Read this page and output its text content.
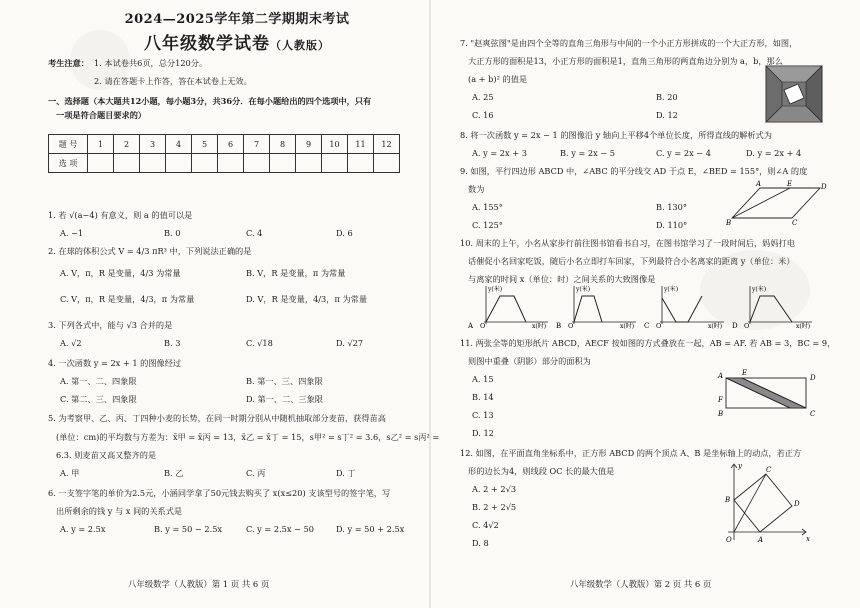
2024—2025学年第二学期期末考试
八年级数学试卷（人教版）
考生注意： 1. 本试卷共6页，总分120分。
2. 请在答题卡上作答，答在本试卷上无效。
一、选择题（本大题共12小题，每小题3分，共36分．在每小题给出的四个选项中，只有
一项是符合题目要求的）
题 号	1	2	3	4	5	6	7	8	9	10	11	12
选 项												
1. 若 √(a−4) 有意义，则 a 的值可以是
A. −1	B. 0	C. 4	D. 6
2. 在球的体积公式 V = 4/3 πR³ 中，下列说法正确的是
A. V，π，R 是变量，4/3 为常量	B. V，R 是变量，π 为常量
C. V，π，R 是变量，4/3，π 为常量	D. V，R 是变量，4/3，π 为常量
3. 下列各式中，能与 √3 合并的是
A. √2	B. 3	C. √18	D. √27
4. 一次函数 y = 2x + 1 的图像经过
A. 第一、二、四象限	B. 第一、三、四象限
C. 第二、三、四象限	D. 第一、二、三象限
5. 为考察甲、乙、丙、丁四种小麦的长势，在同一时期分别从中随机抽取部分麦苗，获得苗高
(单位：cm)的平均数与方差为：x̄甲 = x̄丙 = 13，x̄乙 = x̄丁 = 15，s甲² = s丁² = 3.6，s乙² = s丙² =
6.3. 则麦苗又高又整齐的是
A. 甲	B. 乙	C. 丙	D. 丁
6. 一支签字笔的单价为2.5元，小涵同学拿了50元钱去购买了 x(x≤20) 支该型号的签字笔，写
出所剩余的钱 y 与 x 间的关系式是
A. y = 2.5x	B. y = 50 − 2.5x	C. y = 2.5x − 50	D. y = 50 + 2.5x
八年级数学（人教版）第 1 页 共 6 页
7. "赵爽弦图"是由四个全等的直角三角形与中间的一个小正方形拼成的一个大正方形，如图，
大正方形的面积是13，小正方形的面积是1，直角三角形的两直角边分别为 a，b，那么
(a + b)² 的值是
A. 25	B. 20
C. 16	D. 12
8. 将一次函数 y = 2x − 1 的图像沿 y 轴向上平移4个单位长度，所得直线的解析式为
A. y = 2x + 3	B. y = 2x − 5	C. y = 2x − 4	D. y = 2x + 4
9. 如图，平行四边形 ABCD 中，∠ABC 的平分线交 AD 于点 E，∠BED = 155°，则∠A 的度
数为
A. 155°	B. 130°
C. 125°	D. 110°
A	E	D
B	C
10. 周末的上午，小名从家步行前往图书馆看书自习，在图书馆学习了一段时间后，妈妈打电
话催促小名回家吃饭，随后小名立即打车回家，下列最符合小名离家的距离 y（单位：米）
与离家的时间 x（单位：时）之间关系的大致图像是
y(米)
O	x(时)
A
y(米)
O	x(时)
B
y(米)
O	x(时)
C
y(米)
O	x(时)
D
11. 两张全等的矩形纸片 ABCD，AECF 按如图的方式叠放在一起，AB = AF. 若 AB = 3，BC = 9，
则图中重叠（阴影）部分的面积为
A. 15
B. 14
C. 13
D. 12
A	E
D
F
B	C
12. 如图，在平面直角坐标系中，正方形 ABCD 的两个顶点 A、B 是坐标轴上的动点，若正方
形的边长为4，则线段 OC 长的最大值是
A. 2 + 2√3
B. 2 + 2√5
C. 4√2
D. 8
y
x
O	A
B
C
D
八年级数学（人教版）第 2 页 共 6 页
